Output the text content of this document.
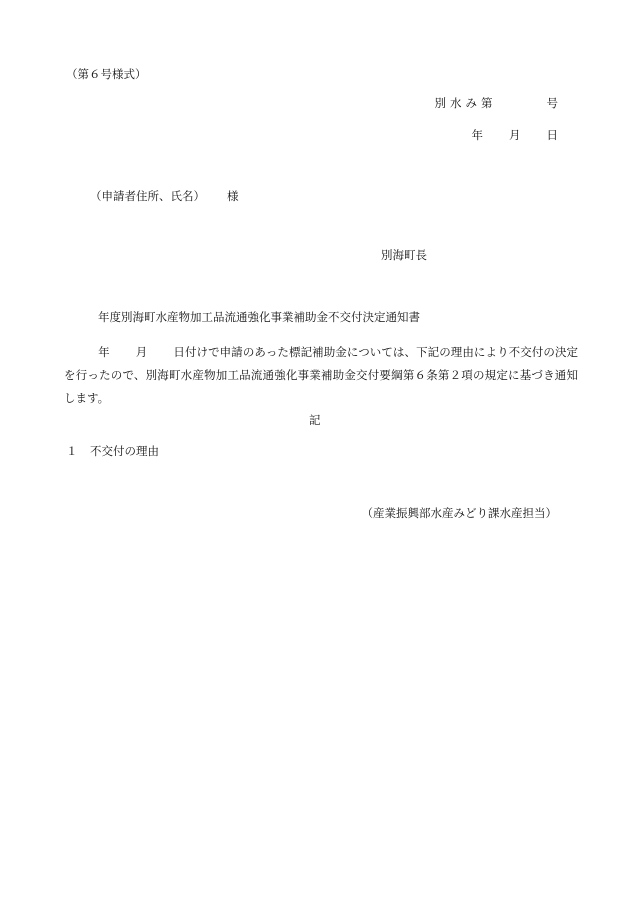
（第６号様式）
別水み第	号
年 月 日
（申請者住所、氏名） 様
別海町長
年度別海町水産物加工品流通強化事業補助金不交付決定通知書
年 月 日付けで申請のあった標記補助金については、下記の理由により不交付の決定を行ったので、別海町水産物加工品流通強化事業補助金交付要綱第６条第２項の規定に基づき通知します。
記
１ 不交付の理由
（産業振興部水産みどり課水産担当）
